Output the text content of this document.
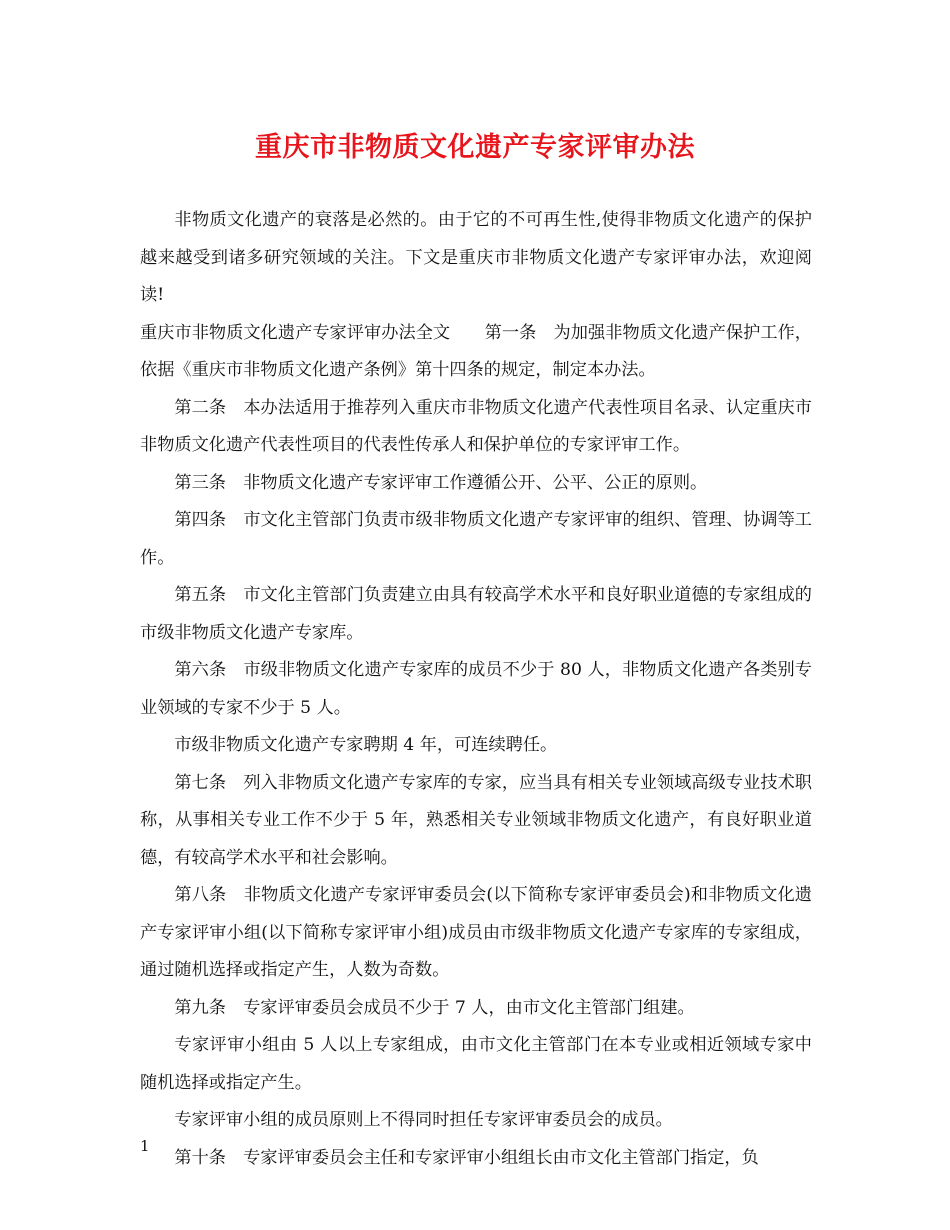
重庆市非物质文化遗产专家评审办法

非物质文化遗产的衰落是必然的。由于它的不可再生性,使得非物质文化遗产的保护越来越受到诸多研究领域的关注。下文是重庆市非物质文化遗产专家评审办法，欢迎阅读!

重庆市非物质文化遗产专家评审办法全文　　第一条　为加强非物质文化遗产保护工作，依据《重庆市非物质文化遗产条例》第十四条的规定，制定本办法。

第二条　本办法适用于推荐列入重庆市非物质文化遗产代表性项目名录、认定重庆市非物质文化遗产代表性项目的代表性传承人和保护单位的专家评审工作。

第三条　非物质文化遗产专家评审工作遵循公开、公平、公正的原则。

第四条　市文化主管部门负责市级非物质文化遗产专家评审的组织、管理、协调等工作。

第五条　市文化主管部门负责建立由具有较高学术水平和良好职业道德的专家组成的市级非物质文化遗产专家库。

第六条　市级非物质文化遗产专家库的成员不少于 80 人，非物质文化遗产各类别专业领域的专家不少于 5 人。

市级非物质文化遗产专家聘期 4 年，可连续聘任。

第七条　列入非物质文化遗产专家库的专家，应当具有相关专业领域高级专业技术职称，从事相关专业工作不少于 5 年，熟悉相关专业领域非物质文化遗产，有良好职业道德，有较高学术水平和社会影响。

第八条　非物质文化遗产专家评审委员会(以下简称专家评审委员会)和非物质文化遗产专家评审小组(以下简称专家评审小组)成员由市级非物质文化遗产专家库的专家组成，通过随机选择或指定产生，人数为奇数。

第九条　专家评审委员会成员不少于 7 人，由市文化主管部门组建。

专家评审小组由 5 人以上专家组成，由市文化主管部门在本专业或相近领域专家中随机选择或指定产生。

专家评审小组的成员原则上不得同时担任专家评审委员会的成员。

第十条　专家评审委员会主任和专家评审小组组长由市文化主管部门指定，负

1
